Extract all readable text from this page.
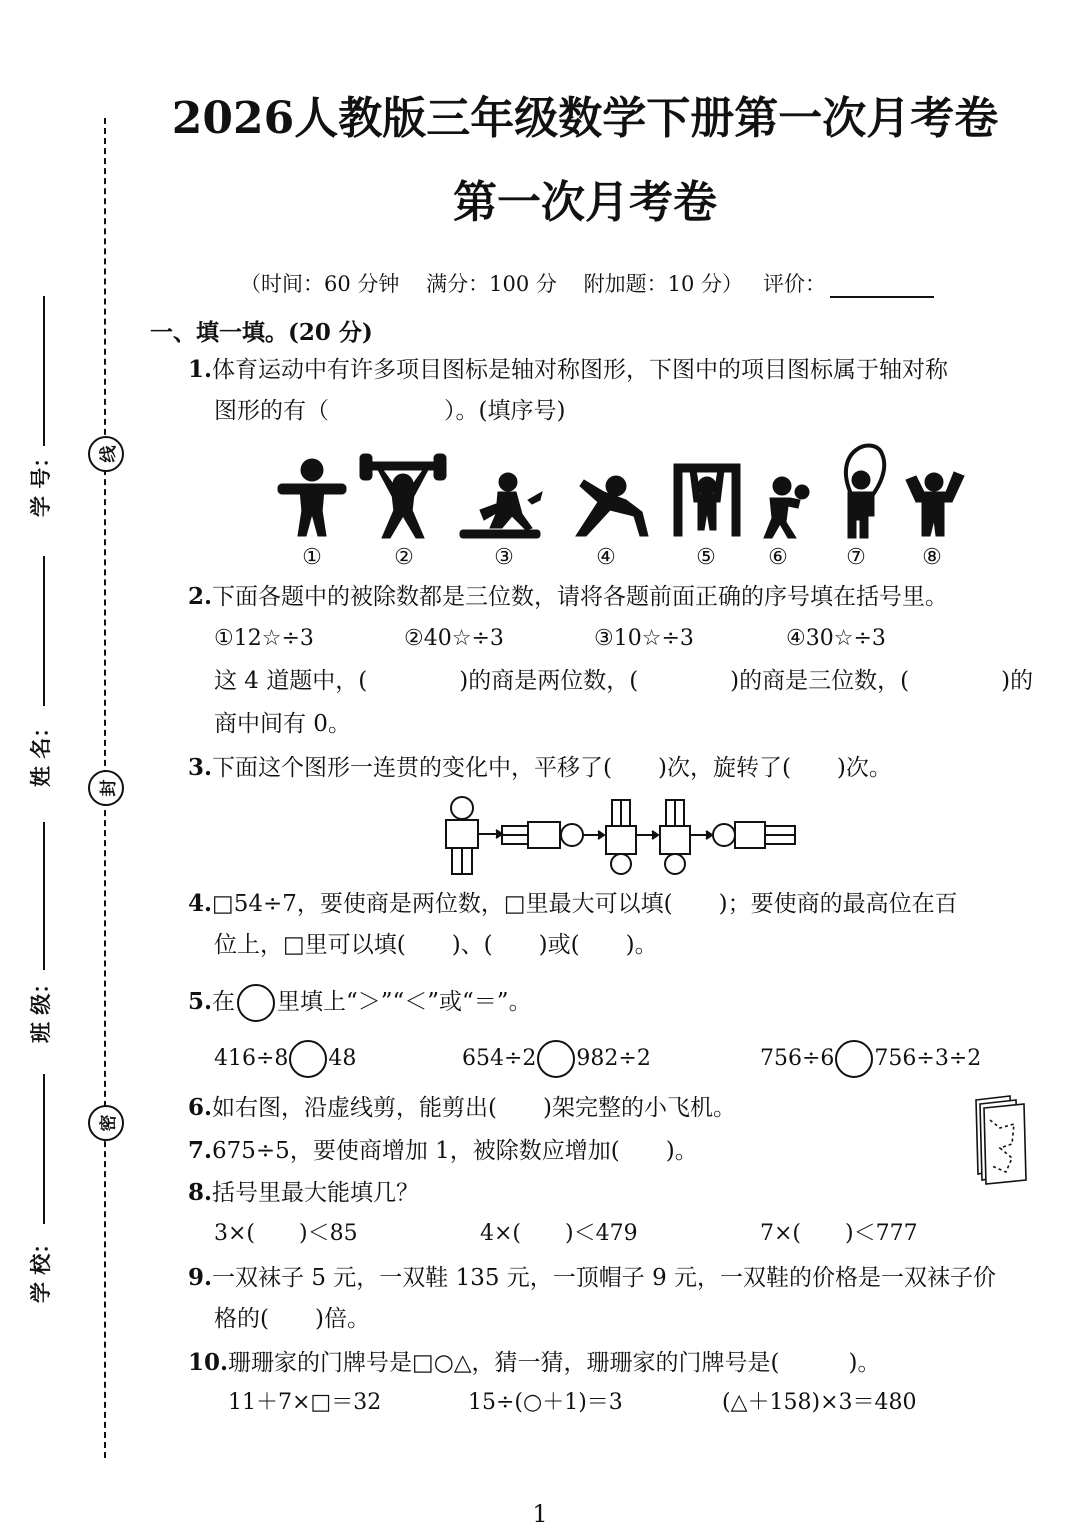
线
封
密
学 号：
姓 名：
班 级：
学 校：
2026人教版三年级数学下册第一次月考卷
第一次月考卷
（时间：60 分钟 满分：100 分 附加题：10 分） 评价：
一、填一填。(20 分)
1.体育运动中有许多项目图标是轴对称图形，下图中的项目图标属于轴对称
图形的有（　　　　　）。(填序号)
①	②	③	④	⑤	⑥	⑦	⑧
2.下面各题中的被除数都是三位数，请将各题前面正确的序号填在括号里。
①12☆÷3	②40☆÷3	③10☆÷3	④30☆÷3
这 4 道题中，(　　　　)的商是两位数，(　　　　)的商是三位数，(　　　　)的
商中间有 0。
3.下面这个图形一连贯的变化中，平移了(　　)次，旋转了(　　)次。
4.□54÷7，要使商是两位数，□里最大可以填(　　)；要使商的最高位在百
位上，□里可以填(　　)、(　　)或(　　)。
5.在 里填上“＞”“＜”或“＝”。
416÷8 48	654÷2 982÷2	756÷6 756÷3÷2
6.如右图，沿虚线剪，能剪出(　　)架完整的小飞机。
7.675÷5，要使商增加 1，被除数应增加(　　)。
8.括号里最大能填几？
3×(　　)＜85	4×(　　)＜479	7×(　　)＜777
9.一双袜子 5 元，一双鞋 135 元，一顶帽子 9 元，一双鞋的价格是一双袜子价
格的(　　)倍。
10.珊珊家的门牌号是□○△，猜一猜，珊珊家的门牌号是(　　　)。
11＋7×□＝32	15÷(○＋1)＝3	(△＋158)×3＝480
1
